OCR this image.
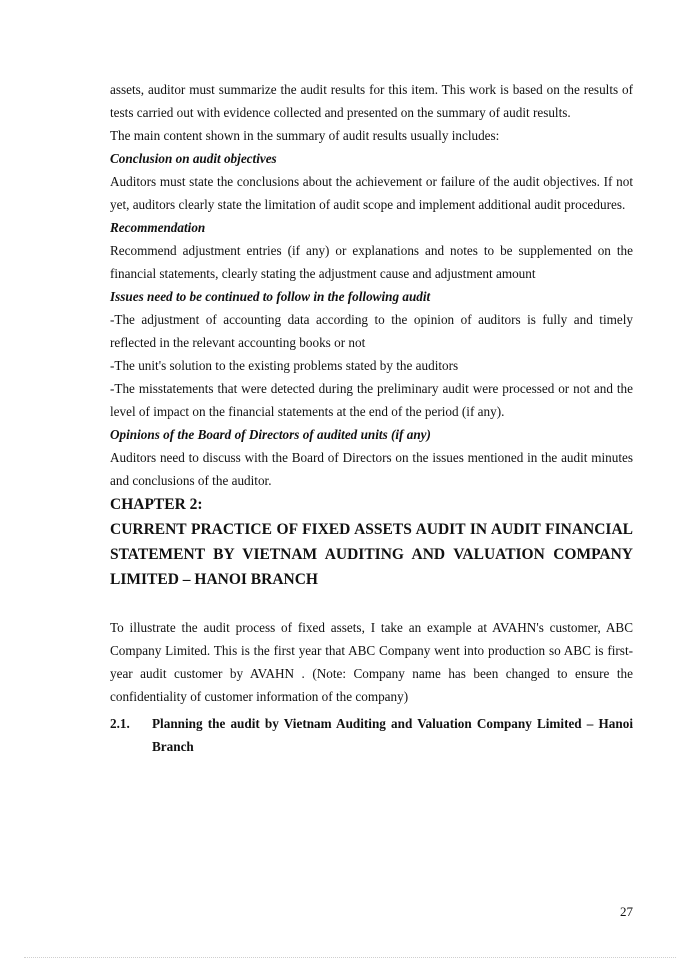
assets, auditor must summarize the audit results for this item. This work is based on the results of tests carried out with evidence collected and presented on the summary of audit results.

The main content shown in the summary of audit results usually includes:

Conclusion on audit objectives

Auditors must state the conclusions about the achievement or failure of the audit objectives. If not yet, auditors clearly state the limitation of audit scope and implement additional audit procedures.

Recommendation

Recommend adjustment entries (if any) or explanations and notes to be supplemented on the financial statements, clearly stating the adjustment cause and adjustment amount

Issues need to be continued to follow in the following audit

-The adjustment of accounting data according to the opinion of auditors is fully and timely reflected in the relevant accounting books or not

-The unit's solution to the existing problems stated by the auditors

-The misstatements that were detected during the preliminary audit were processed or not and the level of impact on the financial statements at the end of the period (if any).

Opinions of the Board of Directors of audited units (if any)

Auditors need to discuss with the Board of Directors on the issues mentioned in the audit minutes and conclusions of the auditor.

CHAPTER 2:

CURRENT PRACTICE OF FIXED ASSETS AUDIT IN AUDIT FINANCIAL STATEMENT BY VIETNAM AUDITING AND VALUATION COMPANY LIMITED – HANOI BRANCH

To illustrate the audit process of fixed assets, I take an example at AVAHN's customer, ABC Company Limited. This is the first year that ABC Company went into production so ABC is first-year audit customer by AVAHN . (Note: Company name has been changed to ensure the confidentiality of customer information of the company)

2.1.	Planning the audit by Vietnam Auditing and Valuation Company Limited – Hanoi Branch
27
